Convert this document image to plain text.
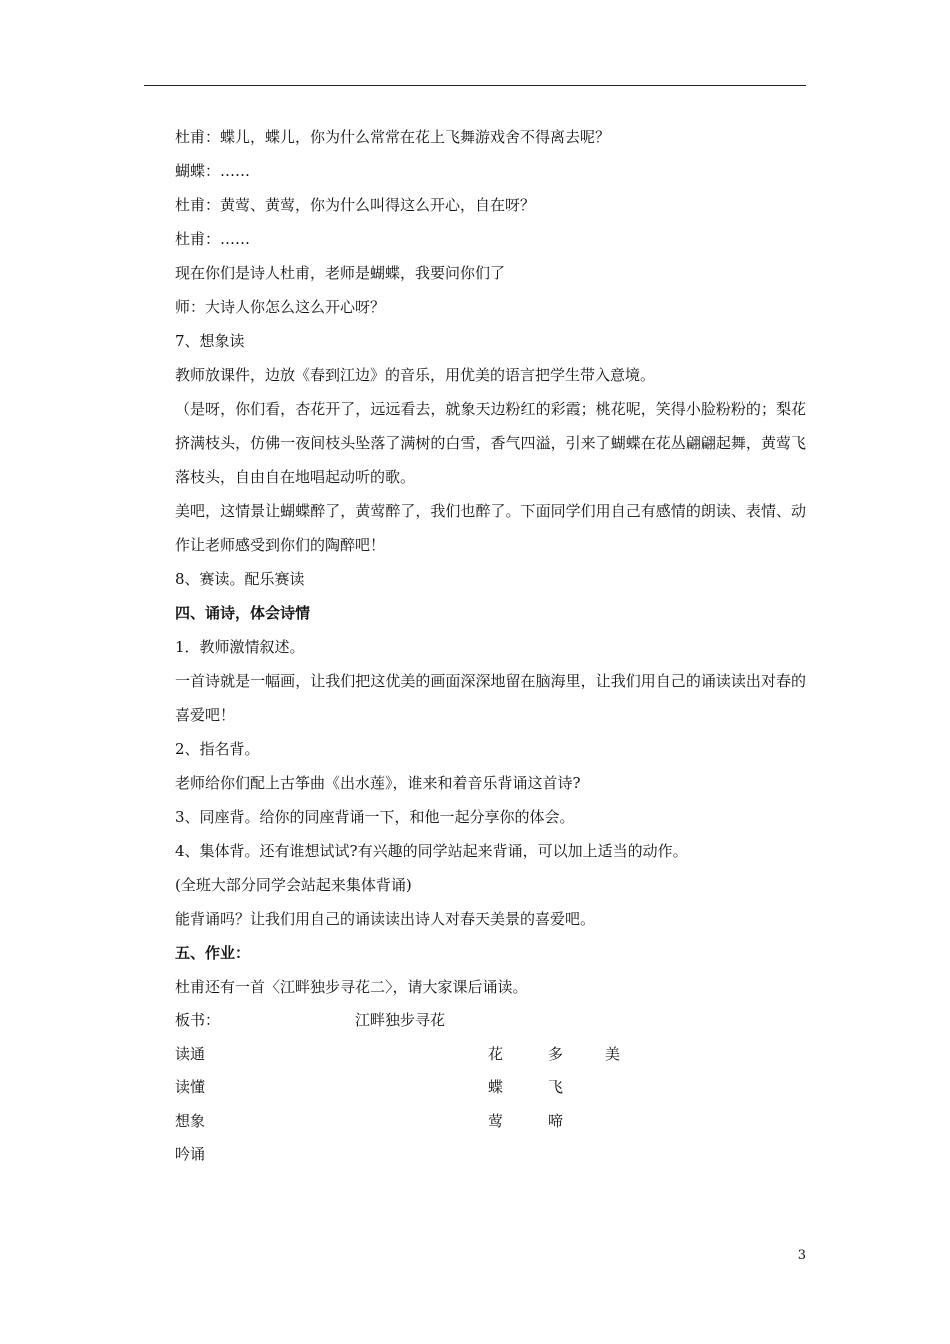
杜甫：蝶儿，蝶儿，你为什么常常在花上飞舞游戏舍不得离去呢？

蝴蝶：……

杜甫：黄莺、黄莺，你为什么叫得这么开心，自在呀？

杜甫：……

现在你们是诗人杜甫，老师是蝴蝶，我要问你们了

师：大诗人你怎么这么开心呀？

7、想象读

教师放课件，边放《春到江边》的音乐，用优美的语言把学生带入意境。

（是呀，你们看，杏花开了，远远看去，就象天边粉红的彩霞；桃花呢，笑得小脸粉粉的；梨花挤满枝头，仿佛一夜间枝头坠落了满树的白雪，香气四溢，引来了蝴蝶在花丛翩翩起舞，黄莺飞落枝头，自由自在地唱起动听的歌。

美吧，这情景让蝴蝶醉了，黄莺醉了，我们也醉了。下面同学们用自己有感情的朗读、表情、动作让老师感受到你们的陶醉吧！

8、赛读。配乐赛读

四、诵诗，体会诗情

1．教师激情叙述。

一首诗就是一幅画，让我们把这优美的画面深深地留在脑海里，让我们用自己的诵读读出对春的喜爱吧！

2、指名背。

老师给你们配上古筝曲《出水莲》，谁来和着音乐背诵这首诗?

3、同座背。给你的同座背诵一下，和他一起分享你的体会。

4、集体背。还有谁想试试?有兴趣的同学站起来背诵，可以加上适当的动作。

(全班大部分同学会站起来集体背诵)

能背诵吗？让我们用自己的诵读读出诗人对春天美景的喜爱吧。

五、作业：

杜甫还有一首〈江畔独步寻花二〉，请大家课后诵读。

板书：	江畔独步寻花
读通	花	多	美
读懂	蝶	飞
想象	莺	啼
吟诵
3
